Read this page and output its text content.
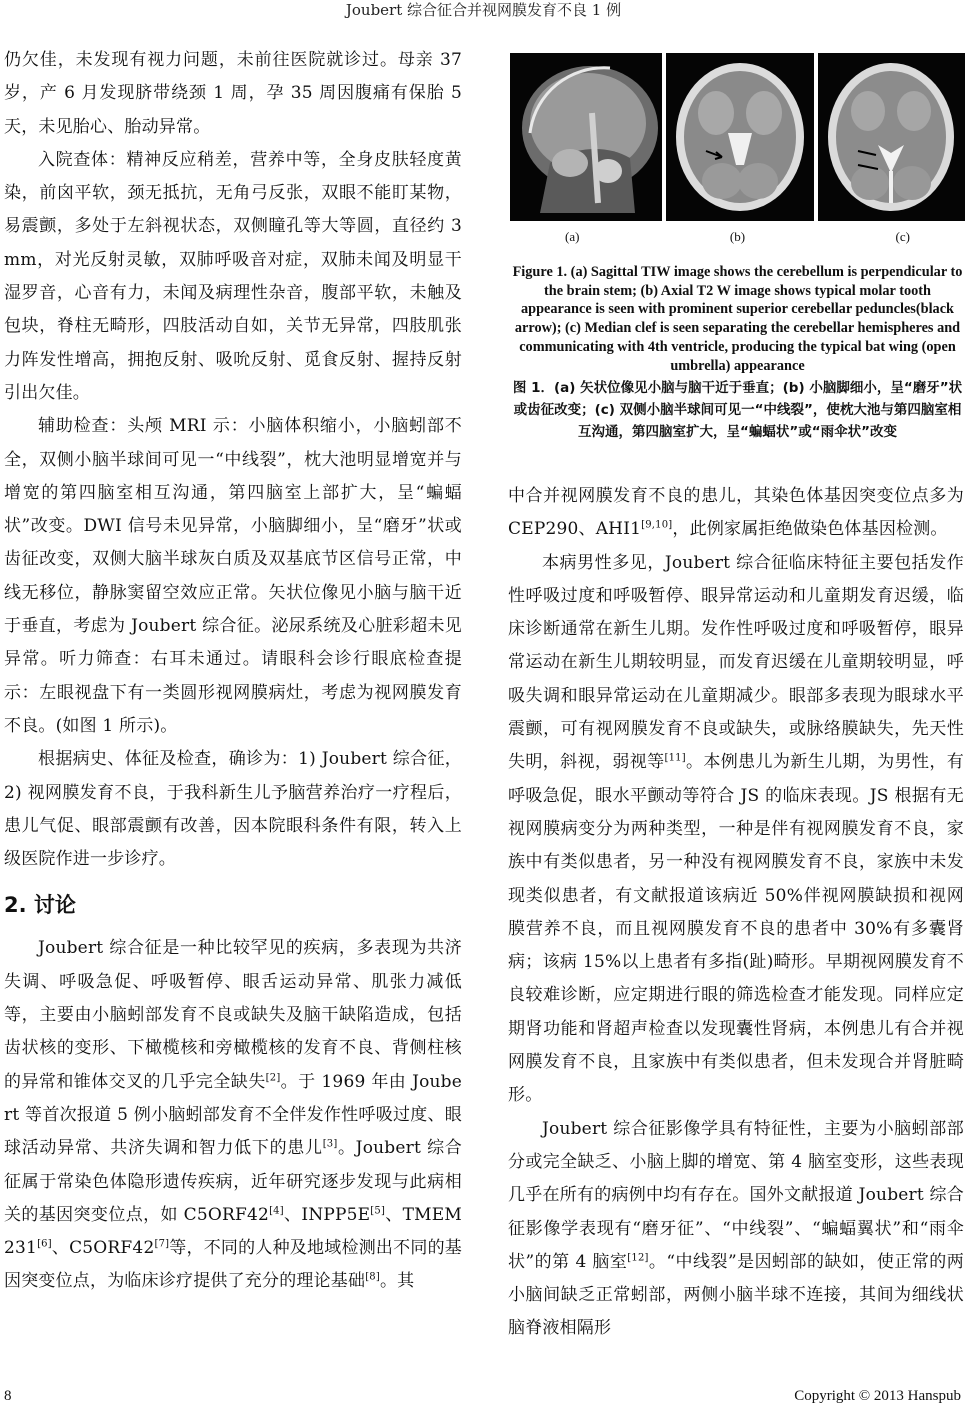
Joubert 综合征合并视网膜发育不良 1 例

仍欠佳，未发现有视力问题，未前往医院就诊过。母亲 37 岁，产 6 月发现脐带绕颈 1 周，孕 35 周因腹痛有保胎 5 天，未见胎心、胎动异常。

入院查体：精神反应稍差，营养中等，全身皮肤轻度黄染，前囟平软，颈无抵抗，无角弓反张，双眼不能盯某物，易震颤，多处于左斜视状态，双侧瞳孔等大等圆，直径约 3 mm，对光反射灵敏，双肺呼吸音对症，双肺未闻及明显干湿罗音，心音有力，未闻及病理性杂音，腹部平软，未触及包块，脊柱无畸形，四肢活动自如，关节无异常，四肢肌张力阵发性增高，拥抱反射、吸吮反射、觅食反射、握持反射引出欠佳。

辅助检查：头颅 MRI 示：小脑体积缩小，小脑蚓部不全，双侧小脑半球间可见一“中线裂”，枕大池明显增宽并与增宽的第四脑室相互沟通，第四脑室上部扩大，呈“蝙蝠状”改变。DWI 信号未见异常，小脑脚细小，呈“磨牙”状或齿征改变，双侧大脑半球灰白质及双基底节区信号正常，中线无移位，静脉窦留空效应正常。矢状位像见小脑与脑干近于垂直，考虑为 Joubert 综合征。泌尿系统及心脏彩超未见异常。听力筛查：右耳未通过。请眼科会诊行眼底检查提示：左眼视盘下有一类圆形视网膜病灶，考虑为视网膜发育不良。(如图 1 所示)。

根据病史、体征及检查，确诊为：1) Joubert 综合征，2) 视网膜发育不良，于我科新生儿予脑营养治疗一疗程后，患儿气促、眼部震颤有改善，因本院眼科条件有限，转入上级医院作进一步诊疗。

2. 讨论

Joubert 综合征是一种比较罕见的疾病，多表现为共济失调、呼吸急促、呼吸暂停、眼舌运动异常、肌张力减低等，主要由小脑蚓部发育不良或缺失及脑干缺陷造成，包括齿状核的变形、下橄榄核和旁橄榄核的发育不良、背侧柱核的异常和锥体交叉的几乎完全缺失[2]。于 1969 年由 Joubert 等首次报道 5 例小脑蚓部发育不全伴发作性呼吸过度、眼球活动异常、共济失调和智力低下的患儿[3]。Joubert 综合征属于常染色体隐形遗传疾病，近年研究逐步发现与此病相关的基因突变位点，如 C5ORF42[4]、INPP5E[5]、TMEM231[6]、C5ORF42[7]等，不同的人种及地域检测出不同的基因突变位点，为临床诊疗提供了充分的理论基础[8]。其

(a)	(b)	(c)
Figure 1. (a) Sagittal TIW image shows the cerebellum is perpendicular to the brain stem; (b) Axial T2 W image shows typical molar tooth appearance is seen with prominent superior cerebellar peduncles(black arrow); (c) Median clef is seen separating the cerebellar hemispheres and communicating with 4th ventricle, producing the typical bat wing (open umbrella) appearance
图 1．(a) 矢状位像见小脑与脑干近于垂直；(b) 小脑脚细小，呈“磨牙”状或齿征改变；(c) 双侧小脑半球间可见一“中线裂”，使枕大池与第四脑室相互沟通，第四脑室扩大，呈“蝙蝠状”或“雨伞状”改变

中合并视网膜发育不良的患儿，其染色体基因突变位点多为 CEP290、AHI1[9,10]，此例家属拒绝做染色体基因检测。

本病男性多见，Joubert 综合征临床特征主要包括发作性呼吸过度和呼吸暂停、眼异常运动和儿童期发育迟缓，临床诊断通常在新生儿期。发作性呼吸过度和呼吸暂停，眼异常运动在新生儿期较明显，而发育迟缓在儿童期较明显，呼吸失调和眼异常运动在儿童期减少。眼部多表现为眼球水平震颤，可有视网膜发育不良或缺失，或脉络膜缺失，先天性失明，斜视，弱视等[11]。本例患儿为新生儿期，为男性，有呼吸急促，眼水平颤动等符合 JS 的临床表现。JS 根据有无视网膜病变分为两种类型，一种是伴有视网膜发育不良，家族中有类似患者，另一种没有视网膜发育不良，家族中未发现类似患者，有文献报道该病近 50%伴视网膜缺损和视网膜营养不良，而且视网膜发育不良的患者中 30%有多囊肾病；该病 15%以上患者有多指(趾)畸形。早期视网膜发育不良较难诊断，应定期进行眼的筛选检查才能发现。同样应定期肾功能和肾超声检查以发现囊性肾病，本例患儿有合并视网膜发育不良，且家族中有类似患者，但未发现合并肾脏畸形。

Joubert 综合征影像学具有特征性，主要为小脑蚓部部分或完全缺乏、小脑上脚的增宽、第 4 脑室变形，这些表现几乎在所有的病例中均有存在。国外文献报道 Joubert 综合征影像学表现有“磨牙征”、“中线裂”、“蝙蝠翼状”和“雨伞状”的第 4 脑室[12]。“中线裂”是因蚓部的缺如，使正常的两小脑间缺乏正常蚓部，两侧小脑半球不连接，其间为细线状脑脊液相隔形

8	Copyright © 2013 Hanspub
